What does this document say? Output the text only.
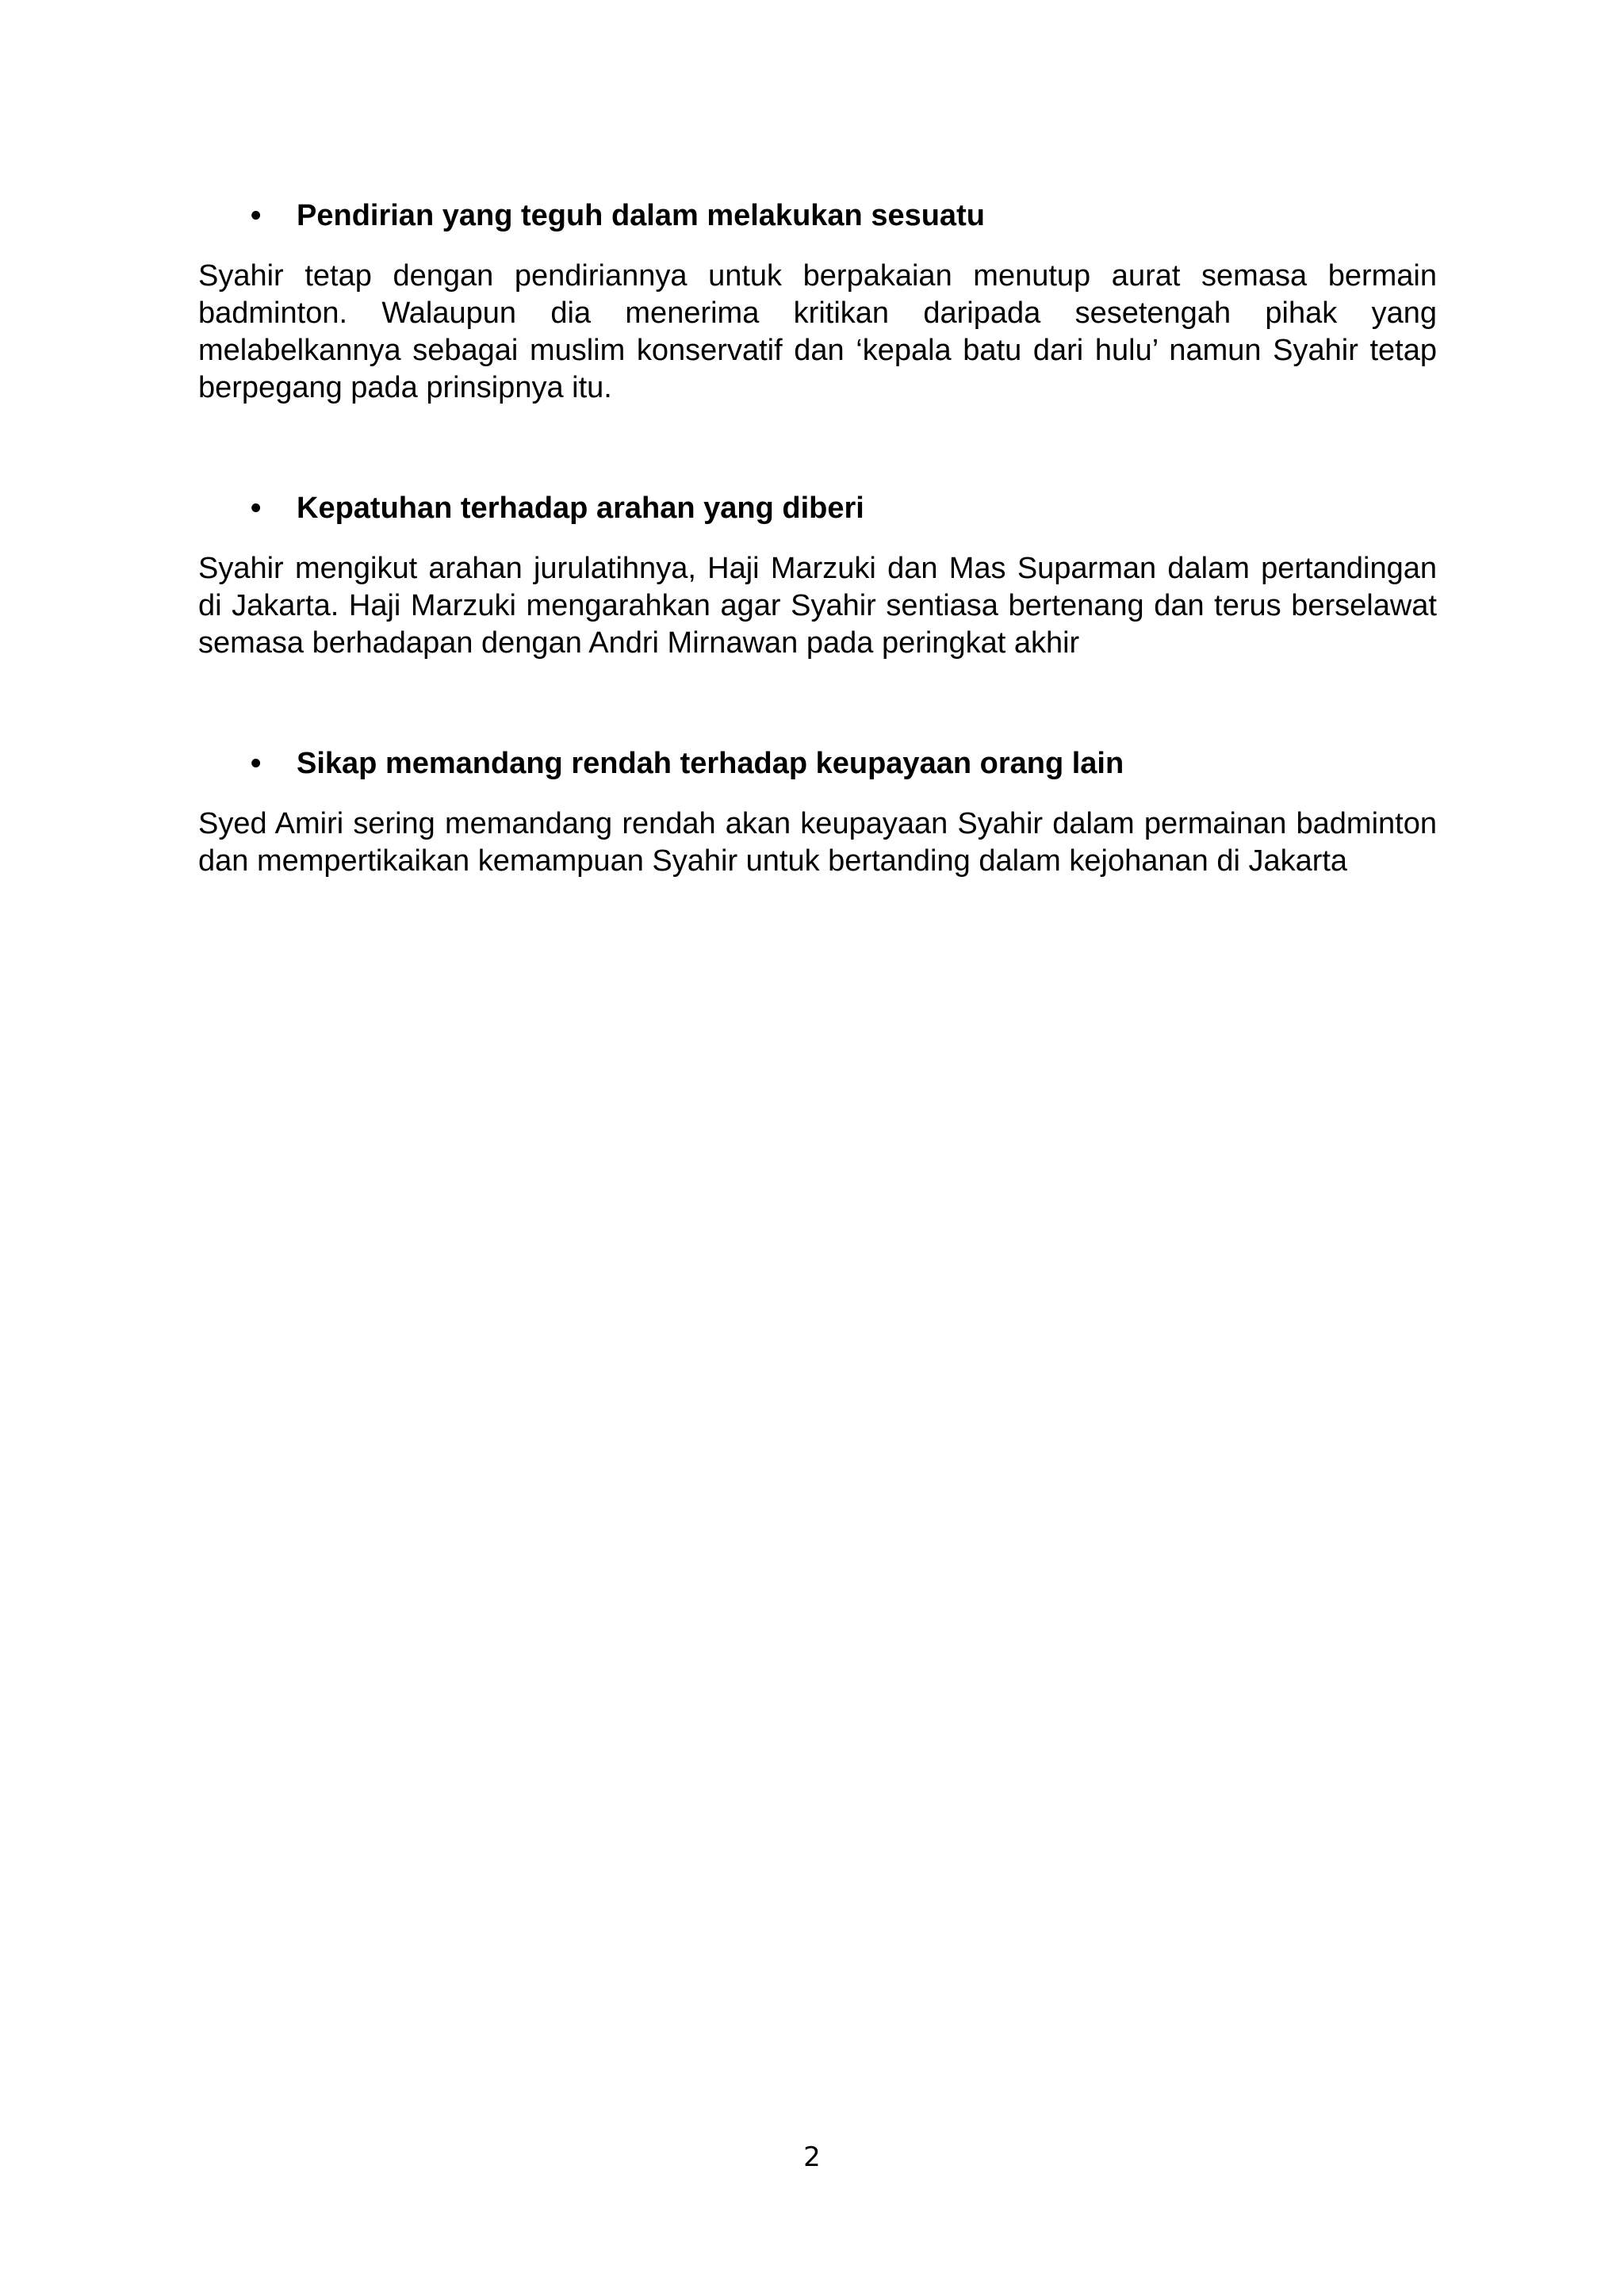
• Pendirian yang teguh dalam melakukan sesuatu

Syahir tetap dengan pendiriannya untuk berpakaian menutup aurat semasa bermain badminton. Walaupun dia menerima kritikan daripada sesetengah pihak yang melabelkannya sebagai muslim konservatif dan ‘kepala batu dari hulu’ namun Syahir tetap berpegang pada prinsipnya itu.

• Kepatuhan terhadap arahan yang diberi

Syahir mengikut arahan jurulatihnya, Haji Marzuki dan Mas Suparman dalam pertandingan di Jakarta. Haji Marzuki mengarahkan agar Syahir sentiasa bertenang dan terus berselawat semasa berhadapan dengan Andri Mirnawan pada peringkat akhir

• Sikap memandang rendah terhadap keupayaan orang lain

Syed Amiri sering memandang rendah akan keupayaan Syahir dalam permainan badminton dan mempertikaikan kemampuan Syahir untuk bertanding dalam kejohanan di Jakarta

2
